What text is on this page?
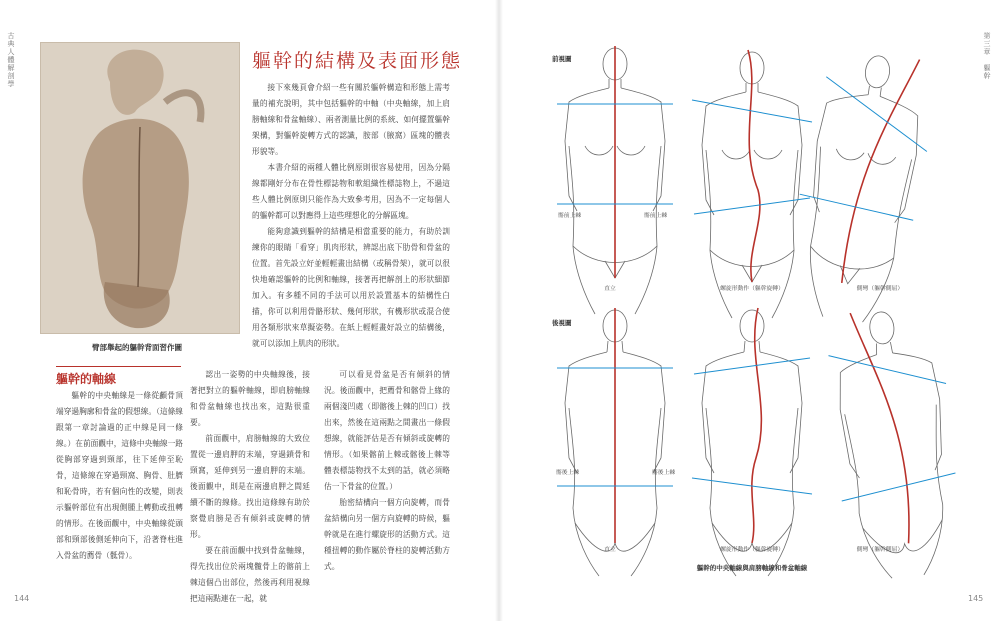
古典人體解剖學
144
臂部舉起的軀幹背面習作圖
軀幹的結構及表面形態

接下來幾頁會介紹一些有關於軀幹構造和形態上需考量的補充說明，其中包括軀幹的中軸（中央軸線，加上肩膀軸線和骨盆軸線）、兩者測量比例的系統、如何擺置軀幹架構，對軀幹旋轉方式的認識，胺部（腋窩）區塊的體表形貌等。

本書介紹的兩種人體比例原則很容易使用，因為分隔線都剛好分布在骨性標誌物和軟組織性標誌物上，不過這些人體比例原則只能作為大致參考用，因為不一定每個人的軀幹都可以對應得上這些理想化的分解區塊。

能夠意識到軀幹的結構是相當重要的能力，有助於訓練你的眼睛「看穿」肌肉形狀，辨認出底下肋骨和骨盆的位置。首先設立好並輕輕畫出結構（或稱骨架），就可以很快地確認軀幹的比例和軸線，接著再把解剖上的形狀細節加入。有多種不同的手法可以用於設置基本的結構性白描，你可以利用骨骼形狀、幾何形狀，有機形狀或混合使用各類形狀來草擬姿勢。在紙上輕輕畫好設立的結構後，就可以添加上肌肉的形狀。

軀幹的軸線

軀幹的中央軸線是一條從顱骨頂端穿過胸廓和骨盆的假想線。（這條線跟第一章討論過的正中線是同一條線。）在前面觀中，這條中央軸線一路從胸部穿過到頸部，往下延伸至恥骨，這條線在穿過頸窩、胸骨、肚臍和恥骨時，若有個向性的改變，則表示軀幹部位有出現側腫上轉動或扭轉的情形。在後面觀中，中央軸線從頭部和頸部後側延伸向下，沿著脊柱進入骨盆的薦骨（骶骨）。

認出一姿勢的中央軸線後，接著把對立的軀幹軸線，即肩膀軸線和骨盆軸線也找出來，這點很重要。

前面觀中，肩膀軸線的大致位置從一邊肩胛的末端，穿過鎖骨和頸窩，延伸到另一邊肩胛的末端。後面觀中，則是在兩邊肩胛之間延續不斷的線條。找出這條線有助於察覺肩膀是否有傾斜或旋轉的情形。

要在前面觀中找到骨盆軸線，得先找出位於兩塊髖骨上的髂前上棘這個凸出部位，然後再利用視線把這兩點連在一起，就

可以看見骨盆是否有傾斜的情況。後面觀中，把薦骨和髂骨上緣的兩個淺凹處（即髂後上棘的凹口）找出來，然後在這兩點之間畫出一條假想線，就能評估是否有傾斜或旋轉的情形。（如果髂前上棘或髂後上棘等體表標誌物找不太到的話，就必須略估一下骨盆的位置。）

胎密結構向一個方向旋轉，而骨盆結構向另一個方向旋轉的時候，軀幹就是在進行螺旋形的活動方式。這種扭轉的動作屬於脊柱的旋轉活動方式。

第三章　軀幹
145
前視圖
髂前上棘	髂前上棘
直立	螺旋形動作（軀幹旋轉）	側彎（軀幹側屈）
後視圖
髂後上棘	髂後上棘
直立	螺旋形動作（軀幹旋轉）	側彎（軀幹側屈）
軀幹的中央軸線與肩膀軸線和骨盆軸線
